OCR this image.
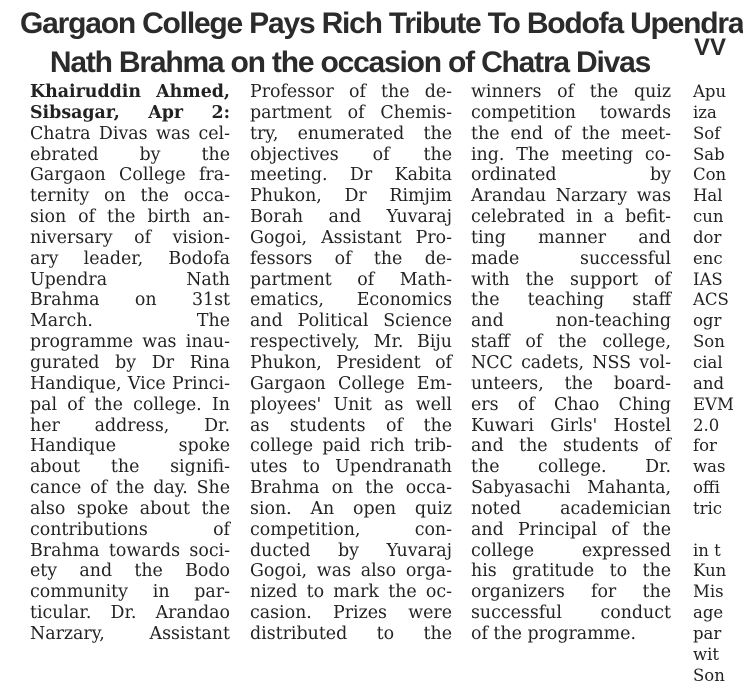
Gargaon College Pays Rich Tribute To Bodofa Upendra
Nath Brahma on the occasion of Chatra Divas	VV
Khairuddin Ahmed,
Sibsagar, Apr 2:
Chatra Divas was cel-
ebrated by the
Gargaon College fra-
ternity on the occa-
sion of the birth an-
niversary of vision-
ary leader, Bodofa
Upendra Nath
Brahma on 31st
March. The
programme was inau-
gurated by Dr Rina
Handique, Vice Princi-
pal of the college. In
her address, Dr.
Handique spoke
about the signifi-
cance of the day. She
also spoke about the
contributions of
Brahma towards soci-
ety and the Bodo
community in par-
ticular. Dr. Arandao
Narzary, Assistant
Professor of the de-
partment of Chemis-
try, enumerated the
objectives of the
meeting. Dr Kabita
Phukon, Dr Rimjim
Borah and Yuvaraj
Gogoi, Assistant Pro-
fessors of the de-
partment of Math-
ematics, Economics
and Political Science
respectively, Mr. Biju
Phukon, President of
Gargaon College Em-
ployees' Unit as well
as students of the
college paid rich trib-
utes to Upendranath
Brahma on the occa-
sion. An open quiz
competition, con-
ducted by Yuvaraj
Gogoi, was also orga-
nized to mark the oc-
casion. Prizes were
distributed to the
winners of the quiz
competition towards
the end of the meet-
ing. The meeting co-
ordinated by
Arandau Narzary was
celebrated in a befit-
ting manner and
made successful
with the support of
the teaching staff
and non-teaching
staff of the college,
NCC cadets, NSS vol-
unteers, the board-
ers of Chao Ching
Kuwari Girls' Hostel
and the students of
the college. Dr.
Sabyasachi Mahanta,
noted academician
and Principal of the
college expressed
his gratitude to the
organizers for the
successful conduct
of the programme.
Apu
iza
Sof
Sab
Con
Hal
cun
dor
enc
IAS
ACS
ogr
Son
cial
and
EVM
2.0
for
was
offi
tric

in t
Kun
Mis
age
par
wit
Son
